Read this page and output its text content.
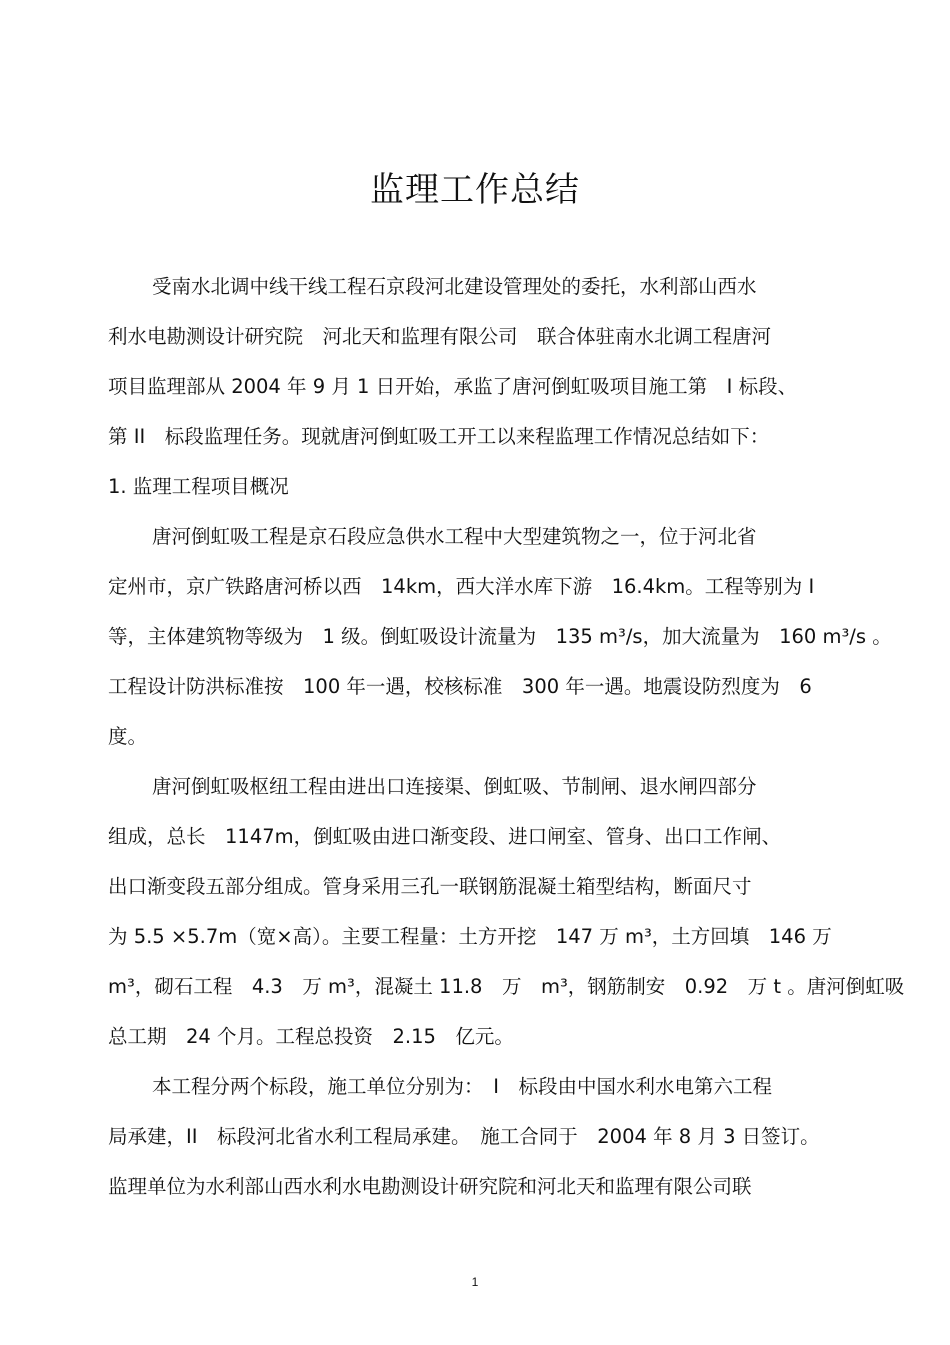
监理工作总结
受南水北调中线干线工程石京段河北建设管理处的委托，水利部山西水
利水电勘测设计研究院　河北天和监理有限公司　联合体驻南水北调工程唐河
项目监理部从 2004 年 9 月 1 日开始，承监了唐河倒虹吸项目施工第　I 标段、
第 II　标段监理任务。现就唐河倒虹吸工开工以来程监理工作情况总结如下：
1. 监理工程项目概况
唐河倒虹吸工程是京石段应急供水工程中大型建筑物之一，位于河北省
定州市，京广铁路唐河桥以西　14km，西大洋水库下游　16.4km。工程等别为 I
等，主体建筑物等级为　1 级。倒虹吸设计流量为　135 m³/s，加大流量为　160 m³/s 。
工程设计防洪标准按　100 年一遇，校核标准　300 年一遇。地震设防烈度为　6
度。
唐河倒虹吸枢纽工程由进出口连接渠、倒虹吸、节制闸、退水闸四部分
组成，总长　1147m，倒虹吸由进口渐变段、进口闸室、管身、出口工作闸、
出口渐变段五部分组成。管身采用三孔一联钢筋混凝土箱型结构，断面尺寸
为 5.5 ×5.7m（宽×高）。主要工程量：土方开挖　147 万 m³，土方回填　146 万
m³，砌石工程　4.3　万 m³，混凝土 11.8　万　m³，钢筋制安　0.92　万 t 。唐河倒虹吸
总工期　24 个月。工程总投资　2.15　亿元。
本工程分两个标段，施工单位分别为：　I　标段由中国水利水电第六工程
局承建，II　标段河北省水利工程局承建。　施工合同于　2004 年 8 月 3 日签订。
监理单位为水利部山西水利水电勘测设计研究院和河北天和监理有限公司联
1
